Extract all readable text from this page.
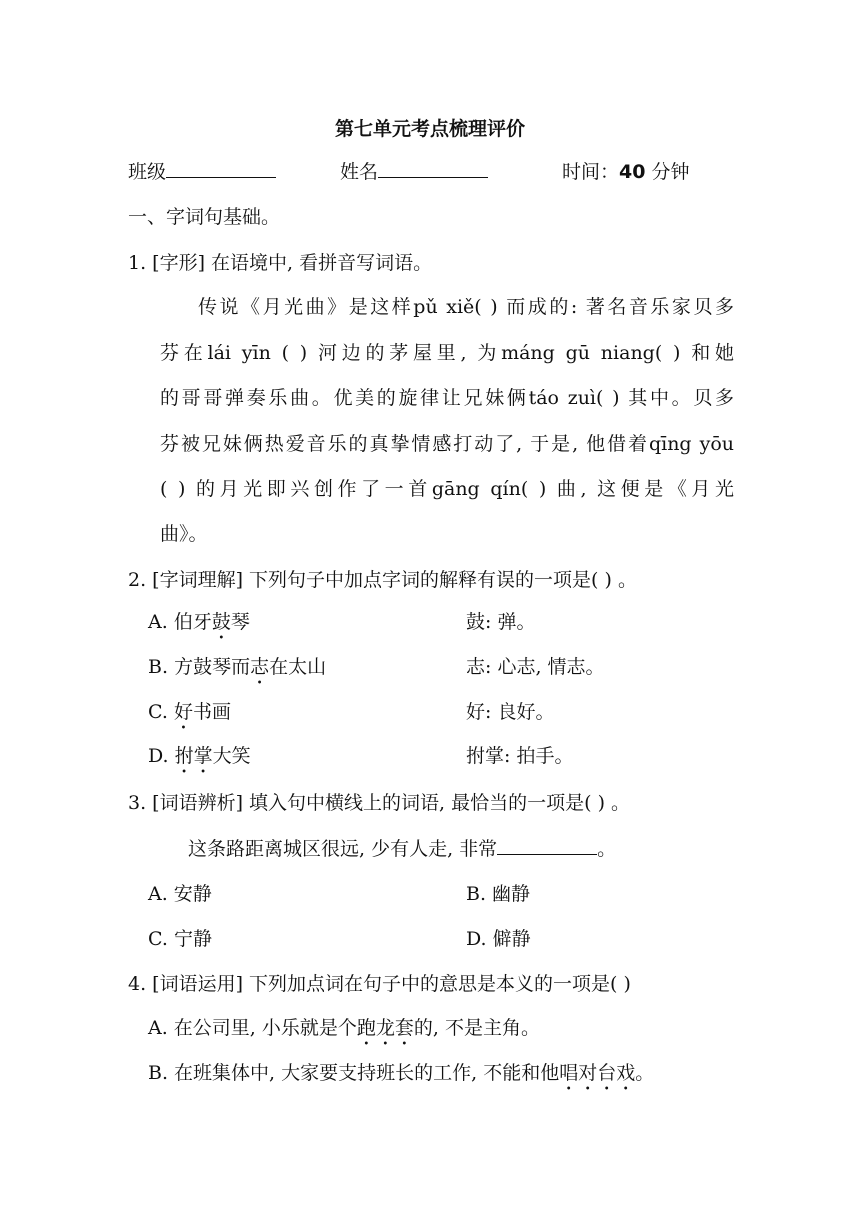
第七单元考点梳理评价
班级	姓名	时间：40 分钟
一、字词句基础。
1. [字形] 在语境中, 看拼音写词语。
传说《月光曲》是这样pǔ xiě( ) 而成的: 著名音乐家贝多
芬在lái yīn ( ) 河边的茅屋里, 为máng gū niang( ) 和她
的哥哥弹奏乐曲。优美的旋律让兄妹俩táo zuì( ) 其中。贝多
芬被兄妹俩热爱音乐的真挚情感打动了, 于是, 他借着qīng yōu
( ) 的月光即兴创作了一首gāng qín( ) 曲, 这便是《月光
曲》。
2. [字词理解] 下列句子中加点字词的解释有误的一项是( ) 。
A. 伯牙鼓琴	鼓: 弹。
B. 方鼓琴而志在太山	志: 心志, 情志。
C. 好书画	好: 良好。
D. 拊掌大笑	拊掌: 拍手。
3. [词语辨析] 填入句中横线上的词语, 最恰当的一项是( ) 。
这条路距离城区很远, 少有人走, 非常	。
A. 安静	B. 幽静
C. 宁静	D. 僻静
4. [词语运用] 下列加点词在句子中的意思是本义的一项是( )
A. 在公司里, 小乐就是个跑龙套的, 不是主角。
B. 在班集体中, 大家要支持班长的工作, 不能和他唱对台戏。
